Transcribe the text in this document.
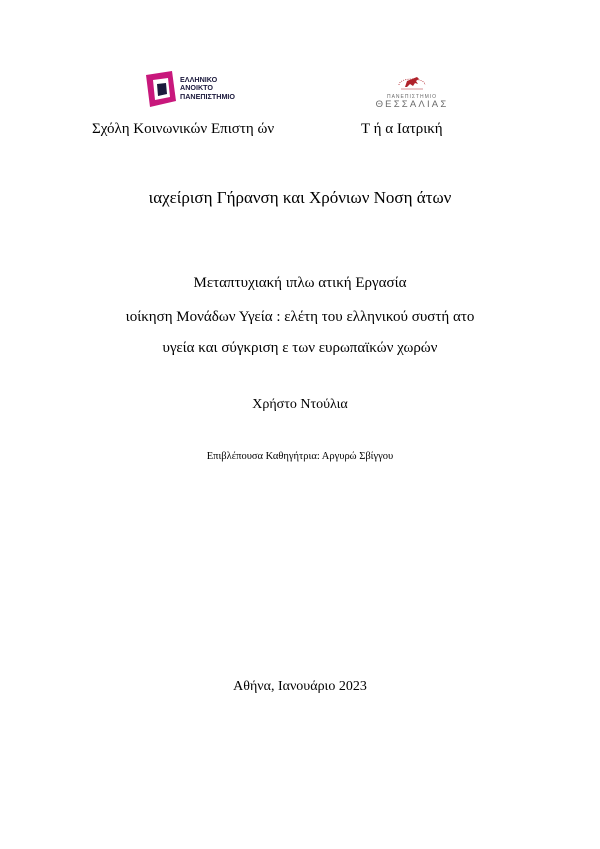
ΕΛΛΗΝΙΚΟ
ΑΝΟΙΚΤΟ
ΠΑΝΕΠΙΣΤΗΜΙΟ	ΠΑΝΕΠΙΣΤΗΜΙΟ
ΘΕΣΣΑΛΙΑΣ
Σχόλη Κοινωνικών Επιστη ών	Τ ή α Ιατρική
ιαχείριση Γήρανση και Χρόνιων Νοση άτων
Μεταπτυχιακή ιπλω ατική Εργασία
ιοίκηση Μονάδων Υγεία : ελέτη του ελληνικού συστή ατο
υγεία και σύγκριση ε των ευρωπαϊκών χωρών
Χρήστο Ντούλια
Επιβλέπουσα Καθηγήτρια: Αργυρώ Σβίγγου
Αθήνα, Ιανουάριο 2023
